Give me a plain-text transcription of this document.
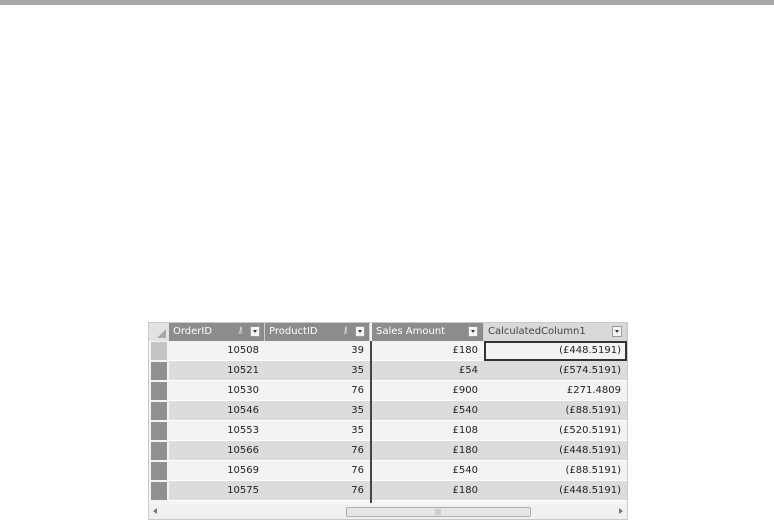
OrderID	⚷	ProductID	⚷	Sales Amount	CalculatedColumn1
10508	39	£180	(£448.5191)
10521	35	£54	(£574.5191)
10530	76	£900	£271.4809
10546	35	£540	(£88.5191)
10553	35	£108	(£520.5191)
10566	76	£180	(£448.5191)
10569	76	£540	(£88.5191)
10575	76	£180	(£448.5191)
|||
